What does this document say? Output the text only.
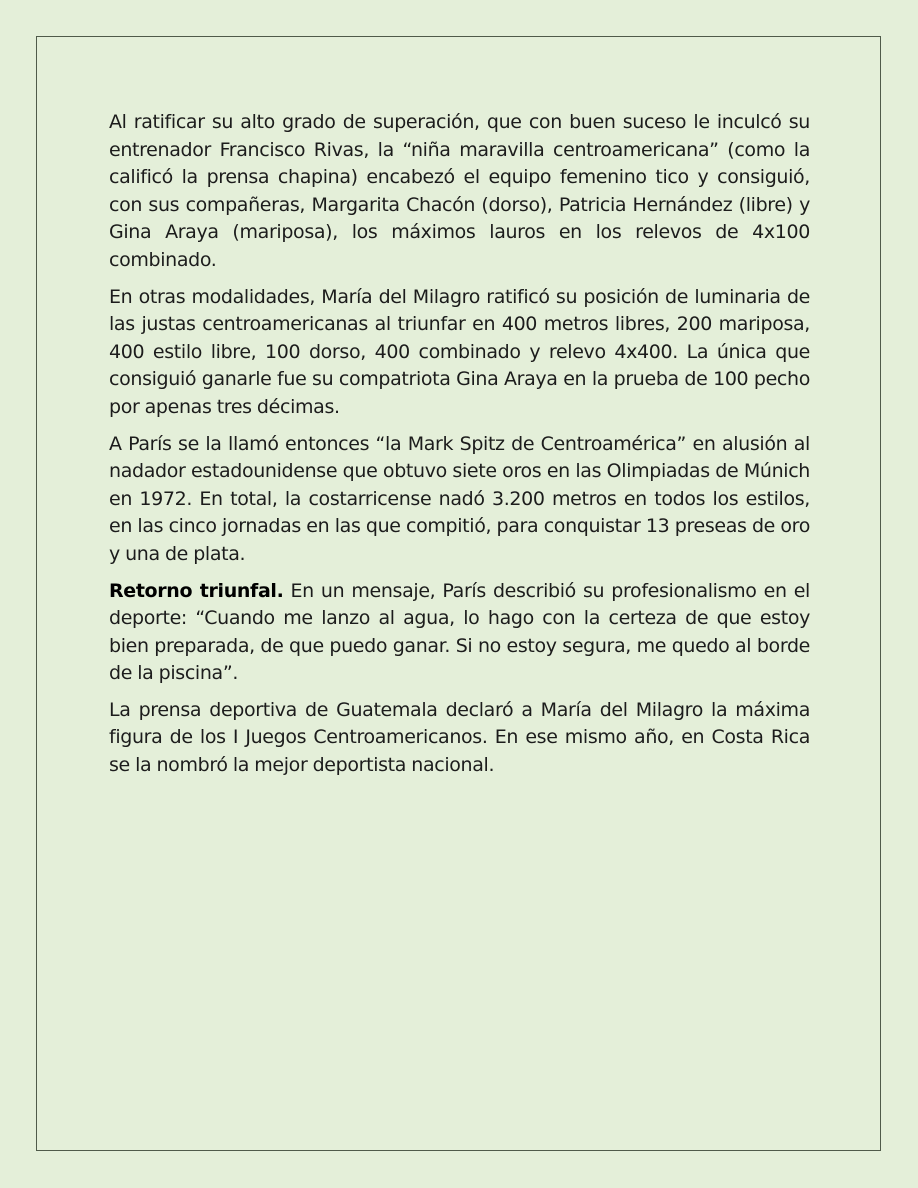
Al ratificar su alto grado de superación, que con buen suceso le inculcó su entrenador Francisco Rivas, la “niña maravilla centroamericana” (como la calificó la prensa chapina) encabezó el equipo femenino tico y consiguió, con sus compañeras, Margarita Chacón (dorso), Patricia Hernández (libre) y Gina Araya (mariposa), los máximos lauros en los relevos de 4x100 combinado.

En otras modalidades, María del Milagro ratificó su posición de luminaria de las justas centroamericanas al triunfar en 400 metros libres, 200 mariposa, 400 estilo libre, 100 dorso, 400 combinado y relevo 4x400. La única que consiguió ganarle fue su compatriota Gina Araya en la prueba de 100 pecho por apenas tres décimas.

A París se la llamó entonces “la Mark Spitz de Centroamérica” en alusión al nadador estadounidense que obtuvo siete oros en las Olimpiadas de Múnich en 1972. En total, la costarricense nadó 3.200 metros en todos los estilos, en las cinco jornadas en las que compitió, para conquistar 13 preseas de oro y una de plata.

Retorno triunfal. En un mensaje, París describió su profesionalismo en el deporte: “Cuando me lanzo al agua, lo hago con la certeza de que estoy bien preparada, de que puedo ganar. Si no estoy segura, me quedo al borde de la piscina”.

La prensa deportiva de Guatemala declaró a María del Milagro la máxima figura de los I Juegos Centroamericanos. En ese mismo año, en Costa Rica se la nombró la mejor deportista nacional.
